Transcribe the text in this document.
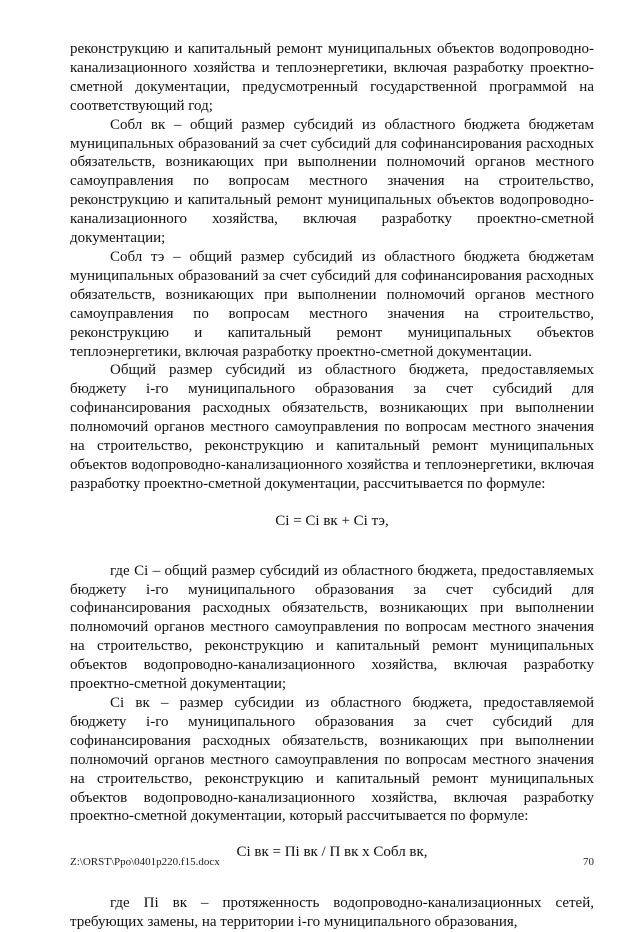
реконструкцию и капитальный ремонт муниципальных объектов водопроводно-канализационного хозяйства и теплоэнергетики, включая разработку проектно-сметной документации, предусмотренный государственной программой на соответствующий год;

Собл вк – общий размер субсидий из областного бюджета бюджетам муниципальных образований за счет субсидий для софинансирования расходных обязательств, возникающих при выполнении полномочий органов местного самоуправления по вопросам местного значения на строительство, реконструкцию и капитальный ремонт муниципальных объектов водопроводно-канализационного хозяйства, включая разработку проектно-сметной документации;

Собл тэ – общий размер субсидий из областного бюджета бюджетам муниципальных образований за счет субсидий для софинансирования расходных обязательств, возникающих при выполнении полномочий органов местного самоуправления по вопросам местного значения на строительство, реконструкцию и капитальный ремонт муниципальных объектов теплоэнергетики, включая разработку проектно-сметной документации.

Общий размер субсидий из областного бюджета, предоставляемых бюджету i-го муниципального образования за счет субсидий для софинансирования расходных обязательств, возникающих при выполнении полномочий органов местного самоуправления по вопросам местного значения на строительство, реконструкцию и капитальный ремонт муниципальных объектов водопроводно-канализационного хозяйства и теплоэнергетики, включая разработку проектно-сметной документации, рассчитывается по формуле:

Ci = Ci вк + Ci тэ,

где Ci – общий размер субсидий из областного бюджета, предоставляемых бюджету i-го муниципального образования за счет субсидий для софинансирования расходных обязательств, возникающих при выполнении полномочий органов местного самоуправления по вопросам местного значения на строительство, реконструкцию и капитальный ремонт муниципальных объектов водопроводно-канализационного хозяйства, включая разработку проектно-сметной документации;

Ci вк – размер субсидии из областного бюджета, предоставляемой бюджету i-го муниципального образования за счет субсидий для софинансирования расходных обязательств, возникающих при выполнении полномочий органов местного самоуправления по вопросам местного значения на строительство, реконструкцию и капитальный ремонт муниципальных объектов водопроводно-канализационного хозяйства, включая разработку проектно-сметной документации, который рассчитывается по формуле:

Ci вк = Пi вк / П вк x Собл вк,

где Пi вк – протяженность водопроводно-канализационных сетей, требующих замены, на территории i-го муниципального образования,

Z:\ORST\Ppo\0401p220.f15.docx	70
